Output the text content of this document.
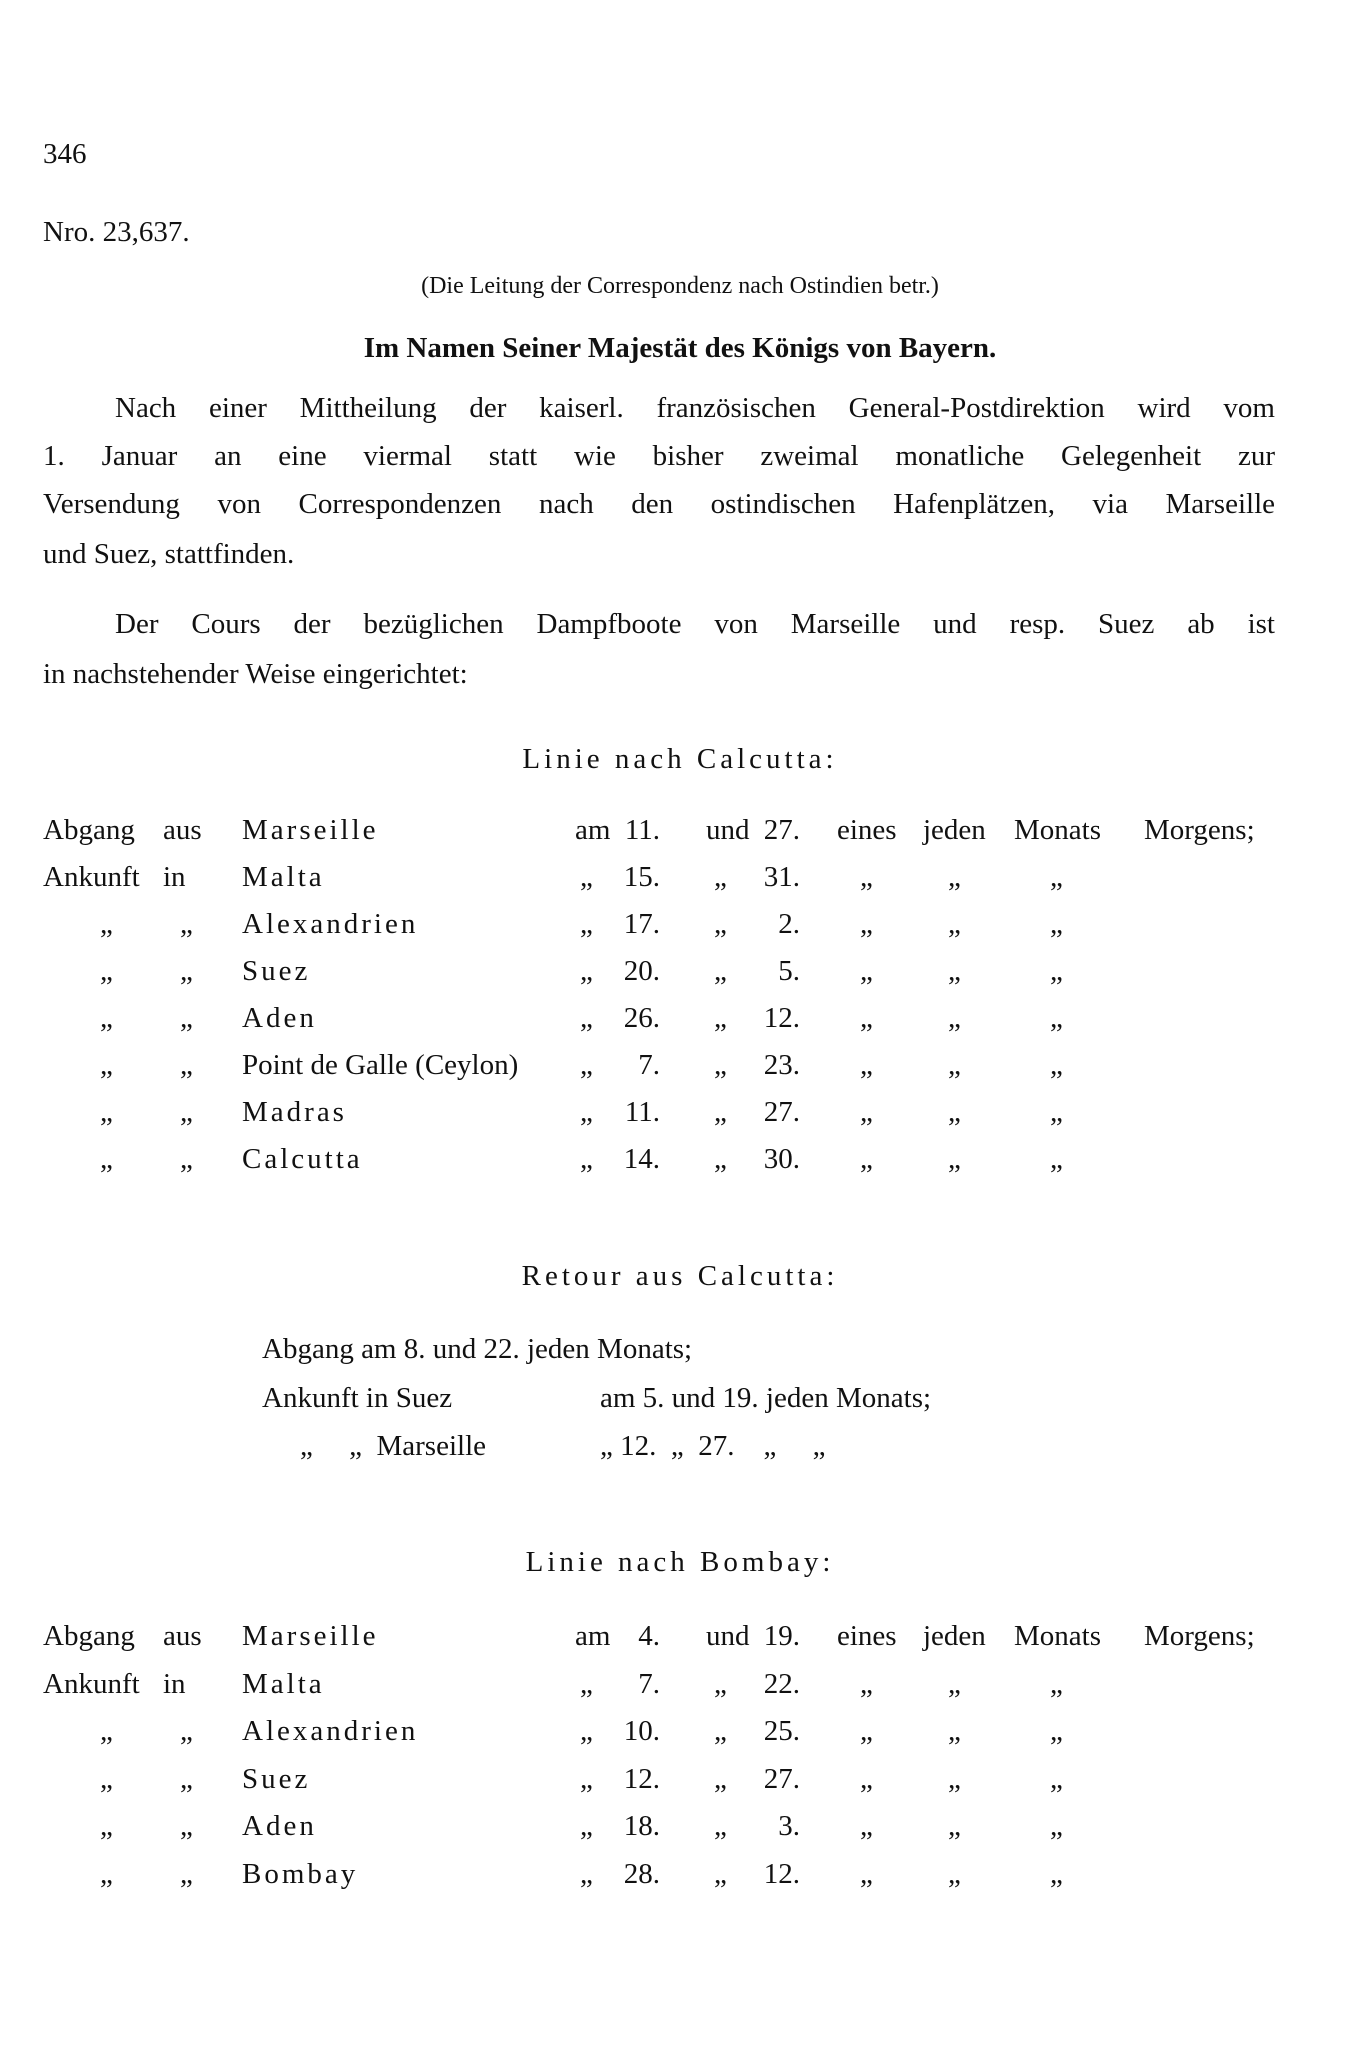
346
Nro. 23,637.
(Die Leitung der Correspondenz nach Ostindien betr.)
Im Namen Seiner Majestät des Königs von Bayern.
Nach einer Mittheilung der kaiserl. französischen General-Postdirektion wird vom
1. Januar an eine viermal statt wie bisher zweimal monatliche Gelegenheit zur
Versendung von Correspondenzen nach den ostindischen Hafenplätzen, via Marseille
und Suez, stattfinden.
Der Cours der bezüglichen Dampfboote von Marseille und resp. Suez ab ist
in nachstehender Weise eingerichtet:
Linie nach Calcutta:
Abgang aus Marseille	am 11. und 27. eines jeden Monats Morgens;
Ankunft in Malta	„ 15. „ 31. „	„	„
„ „ Alexandrien	„ 17. „ 2. „	„	„
„ „ Suez	„ 20. „ 5. „	„	„
„ „ Aden	„ 26. „ 12. „	„	„
„ „ Point de Galle (Ceylon) „ 7. „ 23. „	„	„
„ „ Madras	„ 11. „ 27. „	„	„
„ „ Calcutta	„ 14. „ 30. „	„	„
Retour aus Calcutta:
Abgang am 8. und 22. jeden Monats;
Ankunft in Suez	am 5. und 19. jeden Monats;
„     „  Marseille	„ 12.  „  27.    „     „
Linie nach Bombay:
Abgang aus Marseille	am 4. und 19. eines jeden Monats Morgens;
Ankunft in Malta	„ 7. „ 22. „	„	„
„ „ Alexandrien	„ 10. „ 25. „	„	„
„ „ Suez	„ 12. „ 27. „	„	„
„ „ Aden	„ 18. „ 3. „	„	„
„ „ Bombay	„ 28. „ 12. „	„	„
